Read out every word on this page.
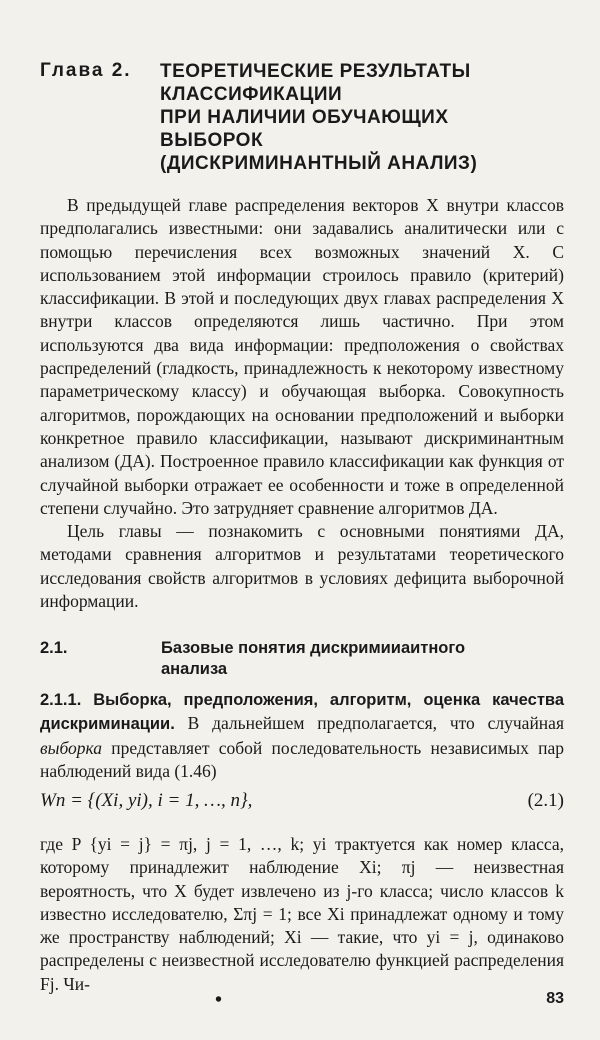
Глава 2. ТЕОРЕТИЧЕСКИЕ РЕЗУЛЬТАТЫ
КЛАССИФИКАЦИИ
ПРИ НАЛИЧИИ ОБУЧАЮЩИХ
ВЫБОРОК
(ДИСКРИМИНАНТНЫЙ АНАЛИЗ)

В предыдущей главе распределения векторов X внутри классов предполагались известными: они задавались аналитически или с помощью перечисления всех возможных значений X. С использованием этой информации строилось правило (критерий) классификации. В этой и последующих двух главах распределения X внутри классов определяются лишь частично. При этом используются два вида информации: предположения о свойствах распределений (гладкость, принадлежность к некоторому известному параметрическому классу) и обучающая выборка. Совокупность алгоритмов, порождающих на основании предположений и выборки конкретное правило классификации, называют дискриминантным анализом (ДА). Построенное правило классификации как функция от случайной выборки отражает ее особенности и тоже в определенной степени случайно. Это затрудняет сравнение алгоритмов ДА.

Цель главы — познакомить с основными понятиями ДА, методами сравнения алгоритмов и результатами теоретического исследования свойств алгоритмов в условиях дефицита выборочной информации.

2.1.	Базовые понятия дискримииаитного
анализа

2.1.1. Выборка, предположения, алгоритм, оценка качества дискриминации. В дальнейшем предполагается, что случайная выборка представляет собой последовательность независимых пар наблюдений вида (1.46)

Wn = {(Xi, yi), i = 1, …, n},	(2.1)

где P {yi = j} = πj, j = 1, …, k; yi трактуется как номер класса, которому принадлежит наблюдение Xi; πj — неизвестная вероятность, что X будет извлечено из j-го класса; число классов k известно исследователю, Σπj = 1; все Xi принадлежат одному и тому же пространству наблюдений; Xi — такие, что yi = j, одинаково распределены с неизвестной исследователю функцией распределения Fj. Чи-

•	83
